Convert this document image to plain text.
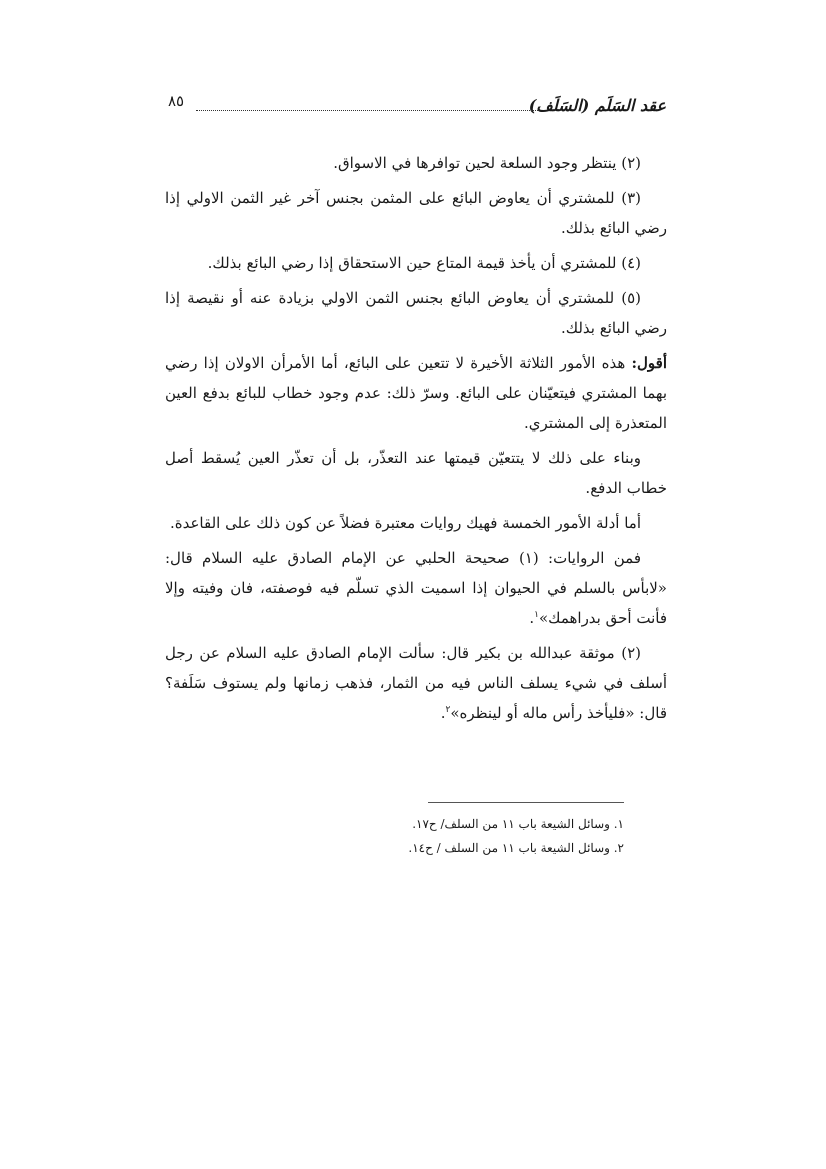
عقد السَلَم (السَلَف)
٨٥

(٢) ينتظر وجود السلعة لحين توافرها في الاسواق.

(٣) للمشتري أن يعاوض البائع على المثمن بجنس آخر غير الثمن الاولي إذا رضي البائع بذلك.

(٤) للمشتري أن يأخذ قيمة المتاع حين الاستحقاق إذا رضي البائع بذلك.

(٥) للمشتري أن يعاوض البائع بجنس الثمن الاولي بزيادة عنه أو نقيصة إذا رضي البائع بذلك.

أقول: هذه الأمور الثلاثة الأخيرة لا تتعين على البائع، أما الأمرأن الاولان إذا رضي بهما المشتري فيتعيّنان على البائع. وسرّ ذلك: عدم وجود خطاب للبائع بدفع العين المتعذرة إلى المشتري.

وبناء على ذلك لا يتتعيّن قيمتها عند التعذّر، بل أن تعذّر العين يُسقط أصل خطاب الدفع.

أما أدلة الأمور الخمسة فهيك روايات معتبرة فضلاً عن كون ذلك على القاعدة.

فمن الروايات: (١) صحيحة الحلبي عن الإمام الصادق عليه السلام قال: «لابأس بالسلم في الحيوان إذا اسميت الذي تسلّم فيه فوصفته، فان وفيته وإلا فأنت أحق بدراهمك»$^١$.

(٢) موثقة عبدالله بن بكير قال: سألت الإمام الصادق عليه السلام عن رجل أسلف في شيء يسلف الناس فيه من الثمار، فذهب زمانها ولم يستوف سَلَفة؟ قال: «فليأخذ رأس ماله أو لينظره»$^٢$.

١. وسائل الشيعة باب ١١ من السلف/ ح١٧.
٢. وسائل الشيعة باب ١١ من السلف / ح١٤.
